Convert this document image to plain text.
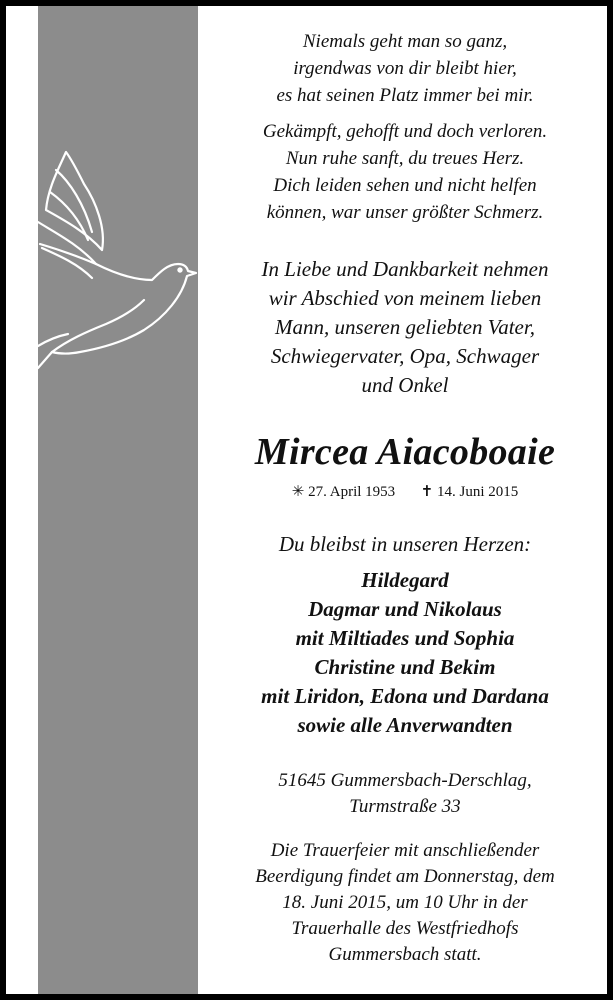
Niemals geht man so ganz,
irgendwas von dir bleibt hier,
es hat seinen Platz immer bei mir.
Gekämpft, gehofft und doch verloren.
Nun ruhe sanft, du treues Herz.
Dich leiden sehen und nicht helfen
können, war unser größter Schmerz.
In Liebe und Dankbarkeit nehmen
wir Abschied von meinem lieben
Mann, unseren geliebten Vater,
Schwiegervater, Opa, Schwager
und Onkel
Mircea Aiacoboaie
✳ 27. April 1953 ✝ 14. Juni 2015
Du bleibst in unseren Herzen:
Hildegard
Dagmar und Nikolaus
mit Miltiades und Sophia
Christine und Bekim
mit Liridon, Edona und Dardana
sowie alle Anverwandten
51645 Gummersbach-Derschlag,
Turmstraße 33
Die Trauerfeier mit anschließender
Beerdigung findet am Donnerstag, dem
18. Juni 2015, um 10 Uhr in der
Trauerhalle des Westfriedhofs
Gummersbach statt.
